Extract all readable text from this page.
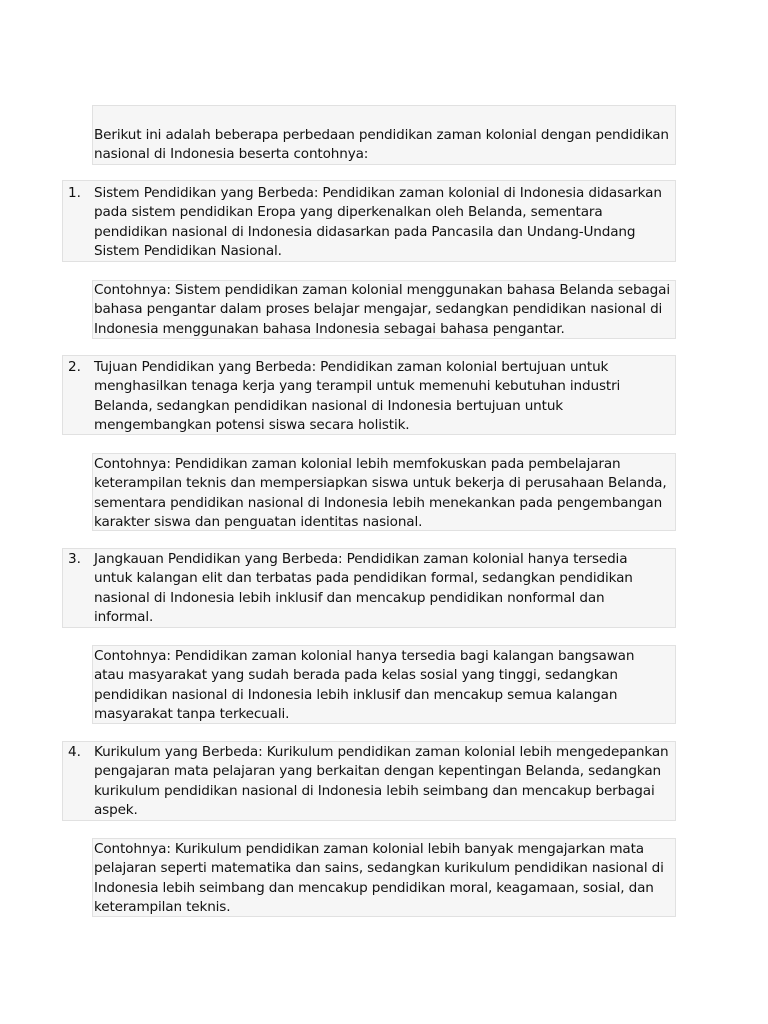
Berikut ini adalah beberapa perbedaan pendidikan zaman kolonial dengan pendidikan nasional di Indonesia beserta contohnya:
1. Sistem Pendidikan yang Berbeda: Pendidikan zaman kolonial di Indonesia didasarkan pada sistem pendidikan Eropa yang diperkenalkan oleh Belanda, sementara pendidikan nasional di Indonesia didasarkan pada Pancasila dan Undang-Undang Sistem Pendidikan Nasional.
Contohnya: Sistem pendidikan zaman kolonial menggunakan bahasa Belanda sebagai bahasa pengantar dalam proses belajar mengajar, sedangkan pendidikan nasional di Indonesia menggunakan bahasa Indonesia sebagai bahasa pengantar.
2. Tujuan Pendidikan yang Berbeda: Pendidikan zaman kolonial bertujuan untuk menghasilkan tenaga kerja yang terampil untuk memenuhi kebutuhan industri Belanda, sedangkan pendidikan nasional di Indonesia bertujuan untuk mengembangkan potensi siswa secara holistik.
Contohnya: Pendidikan zaman kolonial lebih memfokuskan pada pembelajaran keterampilan teknis dan mempersiapkan siswa untuk bekerja di perusahaan Belanda, sementara pendidikan nasional di Indonesia lebih menekankan pada pengembangan karakter siswa dan penguatan identitas nasional.
3. Jangkauan Pendidikan yang Berbeda: Pendidikan zaman kolonial hanya tersedia untuk kalangan elit dan terbatas pada pendidikan formal, sedangkan pendidikan nasional di Indonesia lebih inklusif dan mencakup pendidikan nonformal dan informal.
Contohnya: Pendidikan zaman kolonial hanya tersedia bagi kalangan bangsawan atau masyarakat yang sudah berada pada kelas sosial yang tinggi, sedangkan pendidikan nasional di Indonesia lebih inklusif dan mencakup semua kalangan masyarakat tanpa terkecuali.
4. Kurikulum yang Berbeda: Kurikulum pendidikan zaman kolonial lebih mengedepankan pengajaran mata pelajaran yang berkaitan dengan kepentingan Belanda, sedangkan kurikulum pendidikan nasional di Indonesia lebih seimbang dan mencakup berbagai aspek.
Contohnya: Kurikulum pendidikan zaman kolonial lebih banyak mengajarkan mata pelajaran seperti matematika dan sains, sedangkan kurikulum pendidikan nasional di Indonesia lebih seimbang dan mencakup pendidikan moral, keagamaan, sosial, dan keterampilan teknis.
